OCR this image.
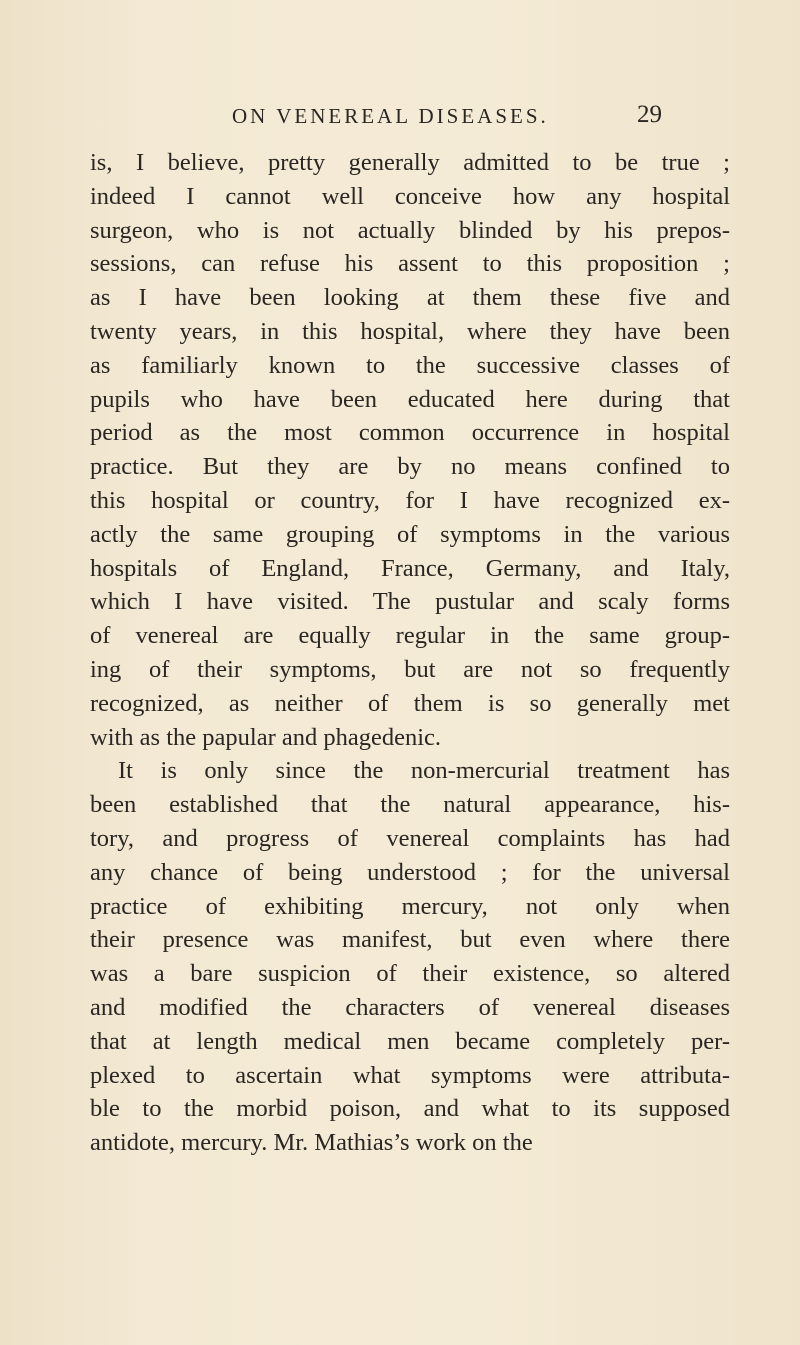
ON VENEREAL DISEASES.	29
is, I believe, pretty generally admitted to be true ;
indeed I cannot well conceive how any hospital
surgeon, who is not actually blinded by his prepos-
sessions, can refuse his assent to this proposition ;
as I have been looking at them these five and
twenty years, in this hospital, where they have been
as familiarly known to the successive classes of
pupils who have been educated here during that
period as the most common occurrence in hospital
practice. But they are by no means confined to
this hospital or country, for I have recognized ex-
actly the same grouping of symptoms in the various
hospitals of England, France, Germany, and Italy,
which I have visited. The pustular and scaly forms
of venereal are equally regular in the same group-
ing of their symptoms, but are not so frequently
recognized, as neither of them is so generally met
with as the papular and phagedenic.
It is only since the non-mercurial treatment has
been established that the natural appearance, his-
tory, and progress of venereal complaints has had
any chance of being understood ; for the universal
practice of exhibiting mercury, not only when
their presence was manifest, but even where there
was a bare suspicion of their existence, so altered
and modified the characters of venereal diseases
that at length medical men became completely per-
plexed to ascertain what symptoms were attributa-
ble to the morbid poison, and what to its supposed
antidote, mercury. Mr. Mathias’s work on the
